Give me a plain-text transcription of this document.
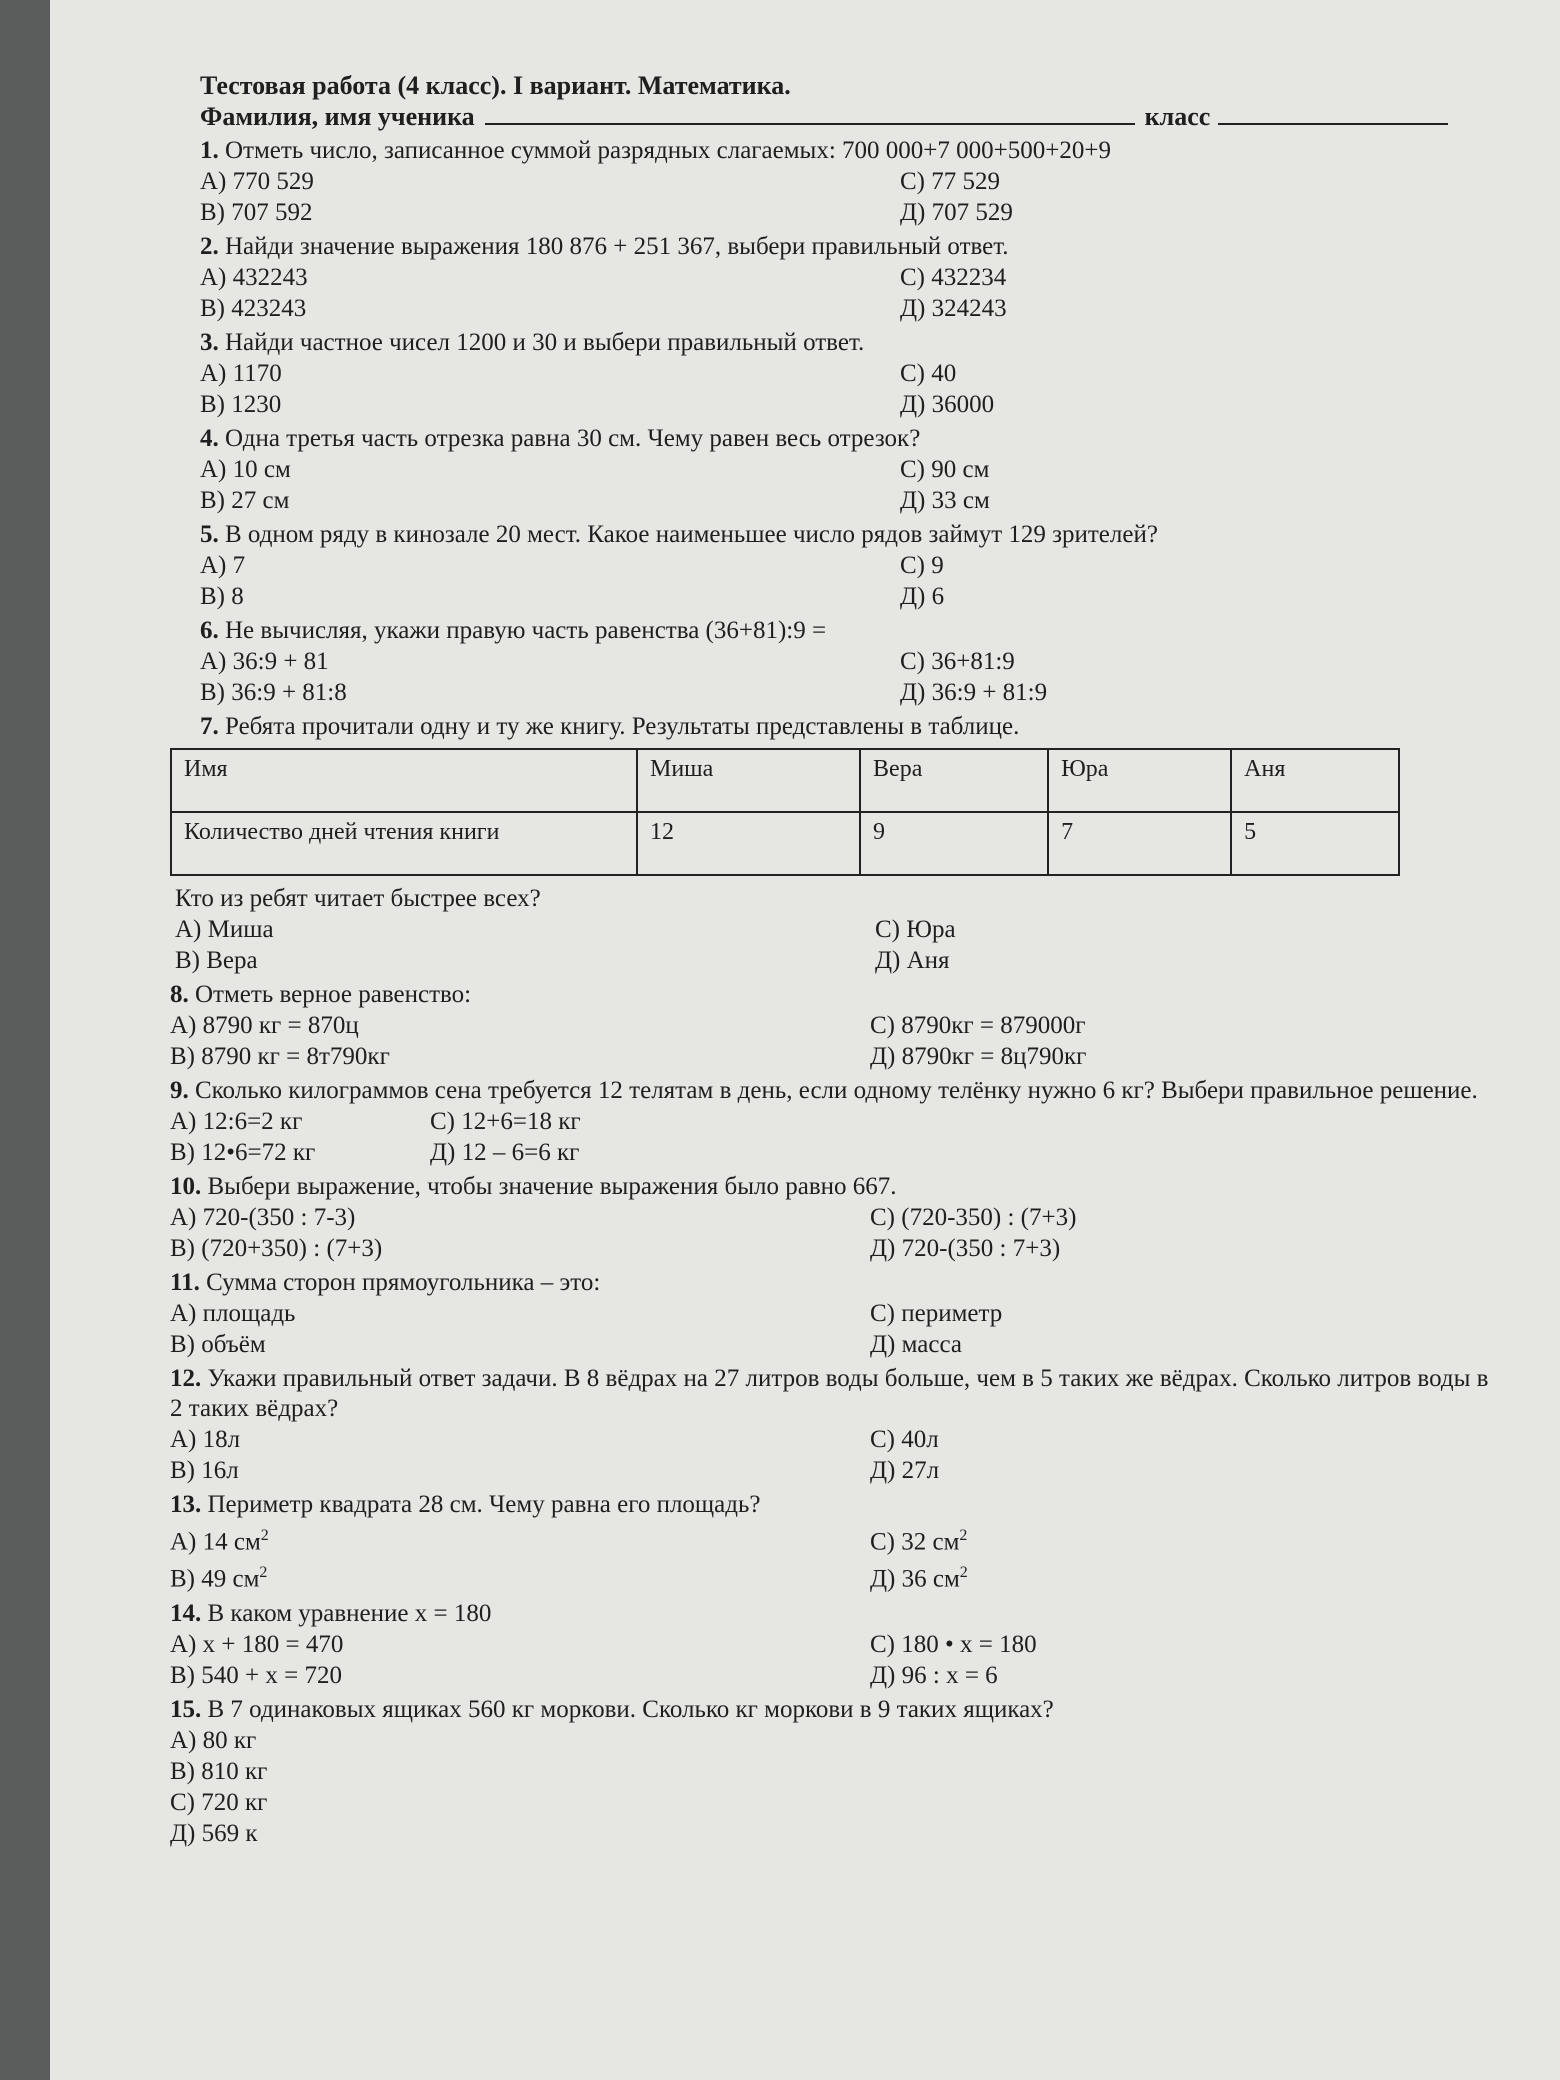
Тестовая работа (4 класс). I вариант. Математика.
Фамилия, имя ученика	класс
1. Отметь число, записанное суммой разрядных слагаемых: 700 000+7 000+500+20+9
А) 770 529	С) 77 529
В) 707 592	Д) 707 529
2. Найди значение выражения 180 876 + 251 367, выбери правильный ответ.
А) 432243	С) 432234
В) 423243	Д) 324243
3. Найди частное чисел 1200 и 30 и выбери правильный ответ.
А) 1170	С) 40
В) 1230	Д) 36000
4. Одна третья часть отрезка равна 30 см. Чему равен весь отрезок?
А) 10 см	С) 90 см
В) 27 см	Д) 33 см
5. В одном ряду в кинозале 20 мест. Какое наименьшее число рядов займут 129 зрителей?
А) 7	С) 9
В) 8	Д) 6
6. Не вычисляя, укажи правую часть равенства (36+81):9 =
А) 36:9 + 81	С) 36+81:9
В) 36:9 + 81:8	Д) 36:9 + 81:9
7. Ребята прочитали одну и ту же книгу. Результаты представлены в таблице.
Имя	Миша	Вера	Юра	Аня
Количество дней чтения книги	12	9	7	5
Кто из ребят читает быстрее всех?
А) Миша	С) Юра
В) Вера	Д) Аня
8. Отметь верное равенство:
А) 8790 кг = 870ц	С) 8790кг = 879000г
В) 8790 кг = 8т790кг	Д) 8790кг = 8ц790кг
9. Сколько килограммов сена требуется 12 телятам в день, если одному телёнку нужно 6 кг? Выбери правильное решение.
А) 12:6=2 кг	С) 12+6=18 кг
В) 12•6=72 кг	Д) 12 – 6=6 кг
10. Выбери выражение, чтобы значение выражения было равно 667.
А) 720-(350 : 7-3)	С) (720-350) : (7+3)
В) (720+350) : (7+3)	Д) 720-(350 : 7+3)
11. Сумма сторон прямоугольника – это:
А) площадь	С) периметр
В) объём	Д) масса
12. Укажи правильный ответ задачи. В 8 вёдрах на 27 литров воды больше, чем в 5 таких же вёдрах. Сколько литров воды в 2 таких вёдрах?
А) 18л	С) 40л
В) 16л	Д) 27л
13. Периметр квадрата 28 см. Чему равна его площадь?
А) 14 $см^2$	С) 32 $см^2$
В) 49 $см^2$	Д) 36 $см^2$
14. В каком уравнение х = 180
А) х + 180 = 470	С) 180 • х = 180
В) 540 + х = 720	Д) 96 : х = 6
15. В 7 одинаковых ящиках 560 кг моркови. Сколько кг моркови в 9 таких ящиках?
А) 80 кг
В) 810 кг
С) 720 кг
Д) 569 к
